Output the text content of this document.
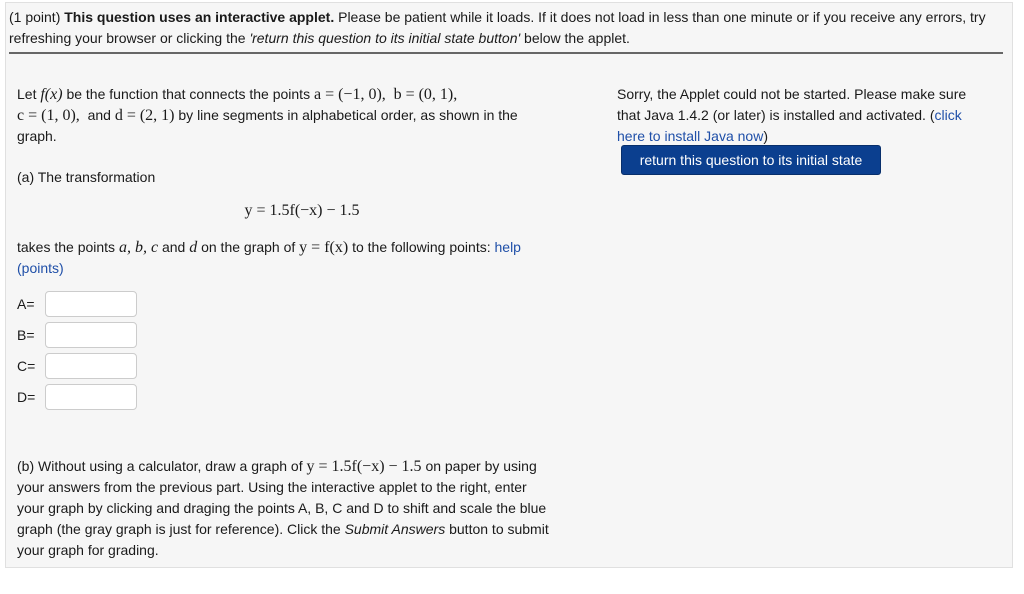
(1 point) This question uses an interactive applet. Please be patient while it loads. If it does not load in less than one minute or if you receive any errors, try refreshing your browser or clicking the 'return this question to its initial state button' below the applet.
Let f(x) be the function that connects the points a = (−1, 0), b = (0, 1),
c = (1, 0), and d = (2, 1) by line segments in alphabetical order, as shown in the
graph.
(a) The transformation
y = 1.5f(−x) − 1.5
takes the points a, b, c and d on the graph of y = f(x) to the following points: help
(points)
A=
B=
C=
D=
(b) Without using a calculator, draw a graph of y = 1.5f(−x) − 1.5 on paper by using
your answers from the previous part. Using the interactive applet to the right, enter
your graph by clicking and draging the points A, B, C and D to shift and scale the blue
graph (the gray graph is just for reference). Click the Submit Answers button to submit
your graph for grading.
Sorry, the Applet could not be started. Please make sure
that Java 1.4.2 (or later) is installed and activated. (click
here to install Java now)
return this question to its initial state
